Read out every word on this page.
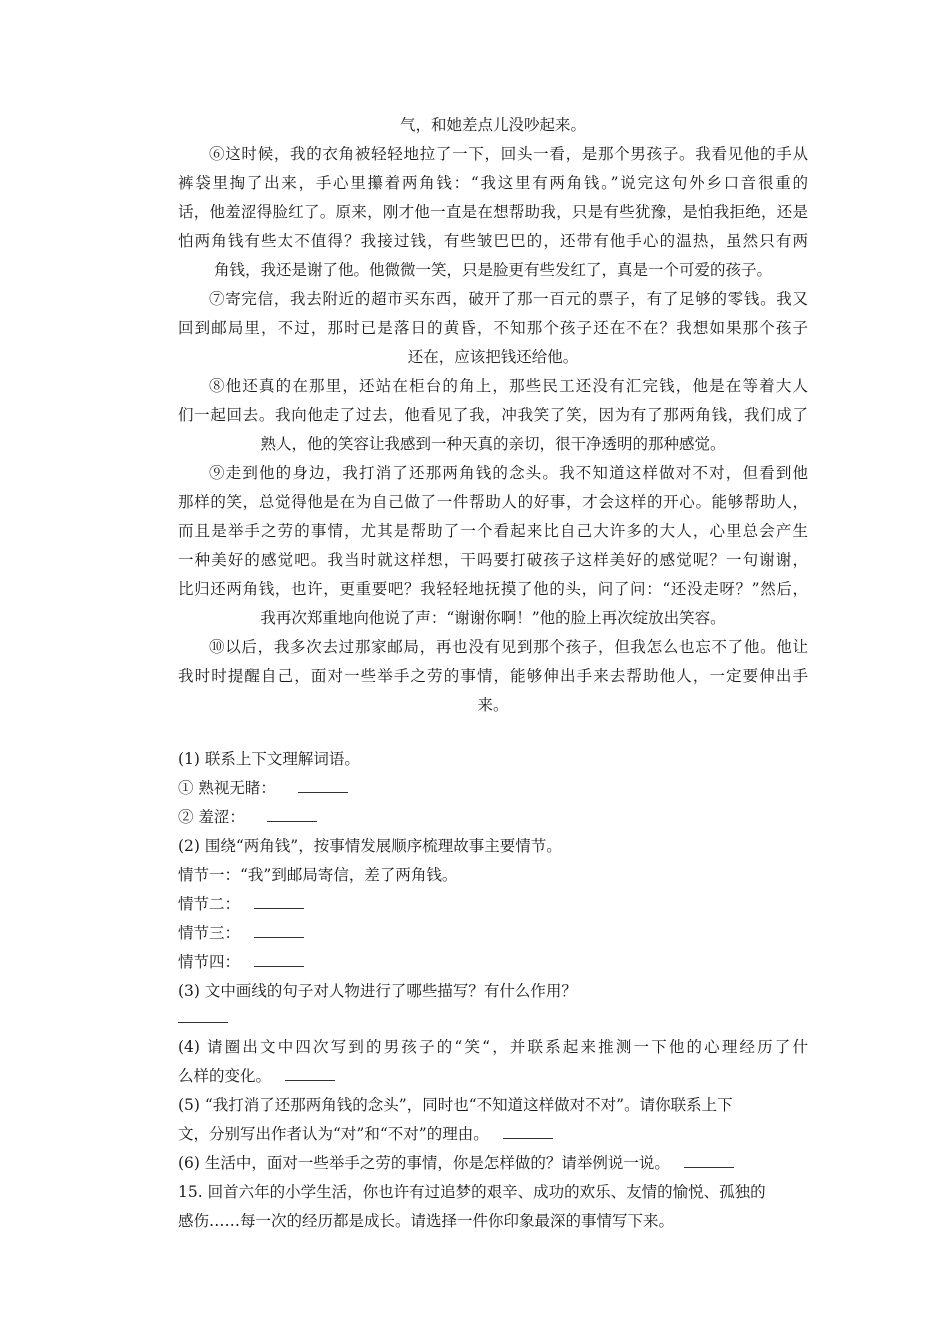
气，和她差点儿没吵起来。
⑥这时候，我的衣角被轻轻地拉了一下，回头一看，是那个男孩子。我看见他的手从
裤袋里掏了出来，手心里攥着两角钱：“我这里有两角钱。”说完这句外乡口音很重的
话，他羞涩得脸红了。原来，刚才他一直是在想帮助我，只是有些犹豫，是怕我拒绝，还是
怕两角钱有些太不值得？我接过钱，有些皱巴巴的，还带有他手心的温热，虽然只有两
角钱，我还是谢了他。他微微一笑，只是脸更有些发红了，真是一个可爱的孩子。
⑦寄完信，我去附近的超市买东西，破开了那一百元的票子，有了足够的零钱。我又
回到邮局里，不过，那时已是落日的黄昏，不知那个孩子还在不在？我想如果那个孩子
还在，应该把钱还给他。
⑧他还真的在那里，还站在柜台的角上，那些民工还没有汇完钱，他是在等着大人
们一起回去。我向他走了过去，他看见了我，冲我笑了笑，因为有了那两角钱，我们成了
熟人，他的笑容让我感到一种天真的亲切，很干净透明的那种感觉。
⑨走到他的身边，我打消了还那两角钱的念头。我不知道这样做对不对，但看到他
那样的笑，总觉得他是在为自己做了一件帮助人的好事，才会这样的开心。能够帮助人，
而且是举手之劳的事情，尤其是帮助了一个看起来比自己大许多的大人，心里总会产生
一种美好的感觉吧。我当时就这样想，干吗要打破孩子这样美好的感觉呢？一句谢谢，
比归还两角钱，也许，更重要吧？我轻轻地抚摸了他的头，问了问：“还没走呀？”然后，
我再次郑重地向他说了声：“谢谢你啊！”他的脸上再次绽放出笑容。
⑩以后，我多次去过那家邮局，再也没有见到那个孩子，但我怎么也忘不了他。他让
我时时提醒自己，面对一些举手之劳的事情，能够伸出手来去帮助他人，一定要伸出手
来。
(1) 联系上下文理解词语。
① 熟视无睹：
② 羞涩：
(2) 围绕“两角钱”，按事情发展顺序梳理故事主要情节。
情节一：“我”到邮局寄信，差了两角钱。
情节二：
情节三：
情节四：
(3) 文中画线的句子对人物进行了哪些描写？有什么作用？
(4) 请圈出文中四次写到的男孩子的“笑“，并联系起来推测一下他的心理经历了什
么样的变化。
(5) “我打消了还那两角钱的念头”，同时也“不知道这样做对不对”。请你联系上下
文，分别写出作者认为“对”和“不对”的理由。
(6) 生活中，面对一些举手之劳的事情，你是怎样做的？请举例说一说。
15. 回首六年的小学生活，你也许有过追梦的艰辛、成功的欢乐、友情的愉悦、孤独的
感伤……每一次的经历都是成长。请选择一件你印象最深的事情写下来。
